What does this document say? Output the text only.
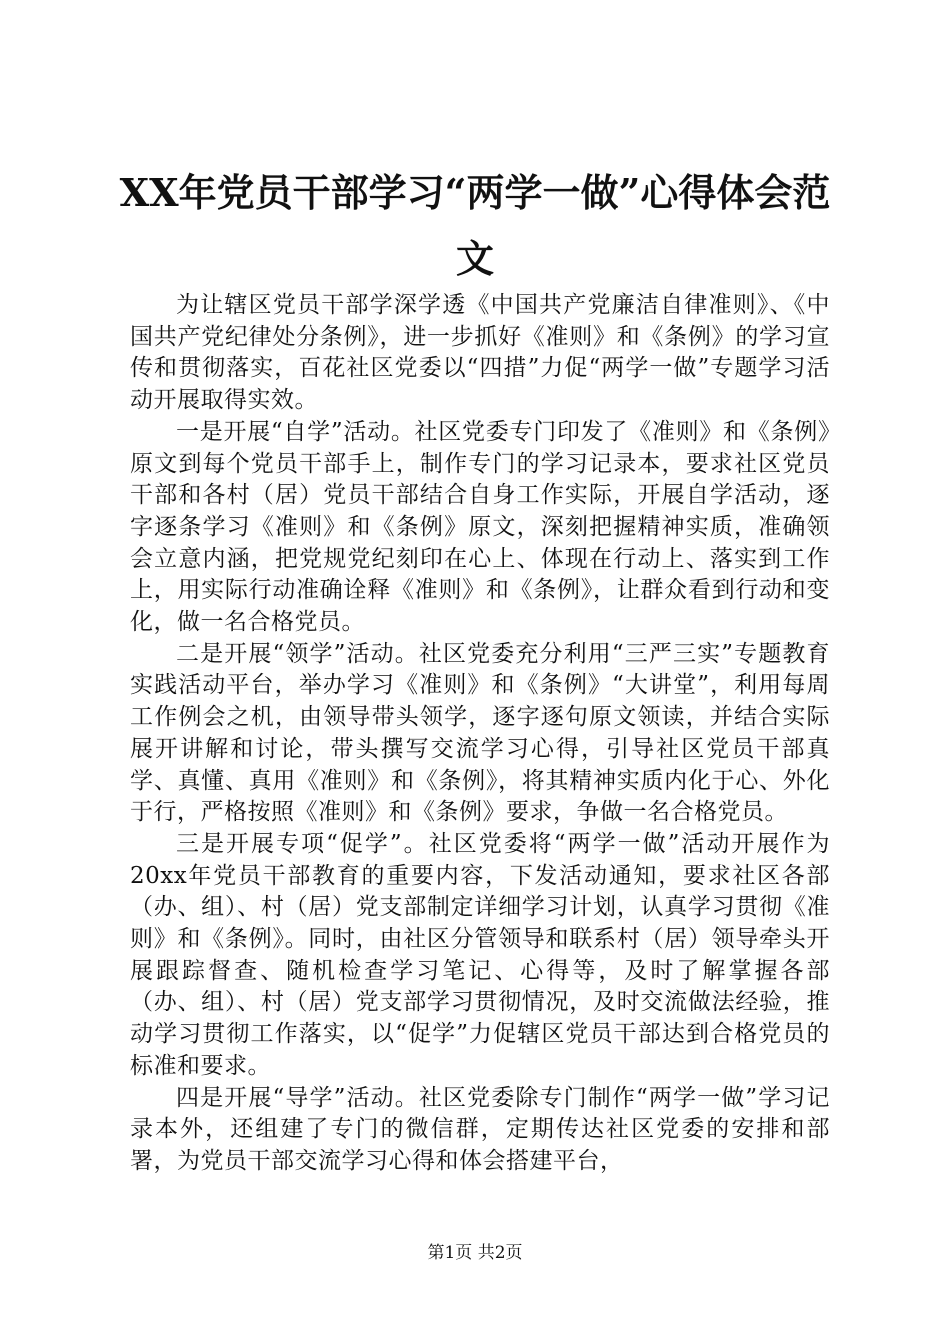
XX年党员干部学习“两学一做”心得体会范
文

为让辖区党员干部学深学透《中国共产党廉洁自律准则》、《中国共产党纪律处分条例》，进一步抓好《准则》和《条例》的学习宣传和贯彻落实，百花社区党委以“四措”力促“两学一做”专题学习活动开展取得实效。

一是开展“自学”活动。社区党委专门印发了《准则》和《条例》原文到每个党员干部手上，制作专门的学习记录本，要求社区党员干部和各村（居）党员干部结合自身工作实际，开展自学活动，逐字逐条学习《准则》和《条例》原文，深刻把握精神实质，准确领会立意内涵，把党规党纪刻印在心上、体现在行动上、落实到工作上，用实际行动准确诠释《准则》和《条例》，让群众看到行动和变化，做一名合格党员。

二是开展“领学”活动。社区党委充分利用“三严三实”专题教育实践活动平台，举办学习《准则》和《条例》“大讲堂”，利用每周工作例会之机，由领导带头领学，逐字逐句原文领读，并结合实际展开讲解和讨论，带头撰写交流学习心得，引导社区党员干部真学、真懂、真用《准则》和《条例》，将其精神实质内化于心、外化于行，严格按照《准则》和《条例》要求，争做一名合格党员。

三是开展专项“促学”。社区党委将“两学一做”活动开展作为20xx年党员干部教育的重要内容，下发活动通知，要求社区各部（办、组）、村（居）党支部制定详细学习计划，认真学习贯彻《准则》和《条例》。同时，由社区分管领导和联系村（居）领导牵头开展跟踪督查、随机检查学习笔记、心得等，及时了解掌握各部（办、组）、村（居）党支部学习贯彻情况，及时交流做法经验，推动学习贯彻工作落实，以“促学”力促辖区党员干部达到合格党员的标准和要求。

四是开展“导学”活动。社区党委除专门制作“两学一做”学习记录本外，还组建了专门的微信群，定期传达社区党委的安排和部署，为党员干部交流学习心得和体会搭建平台，

第1页 共2页
